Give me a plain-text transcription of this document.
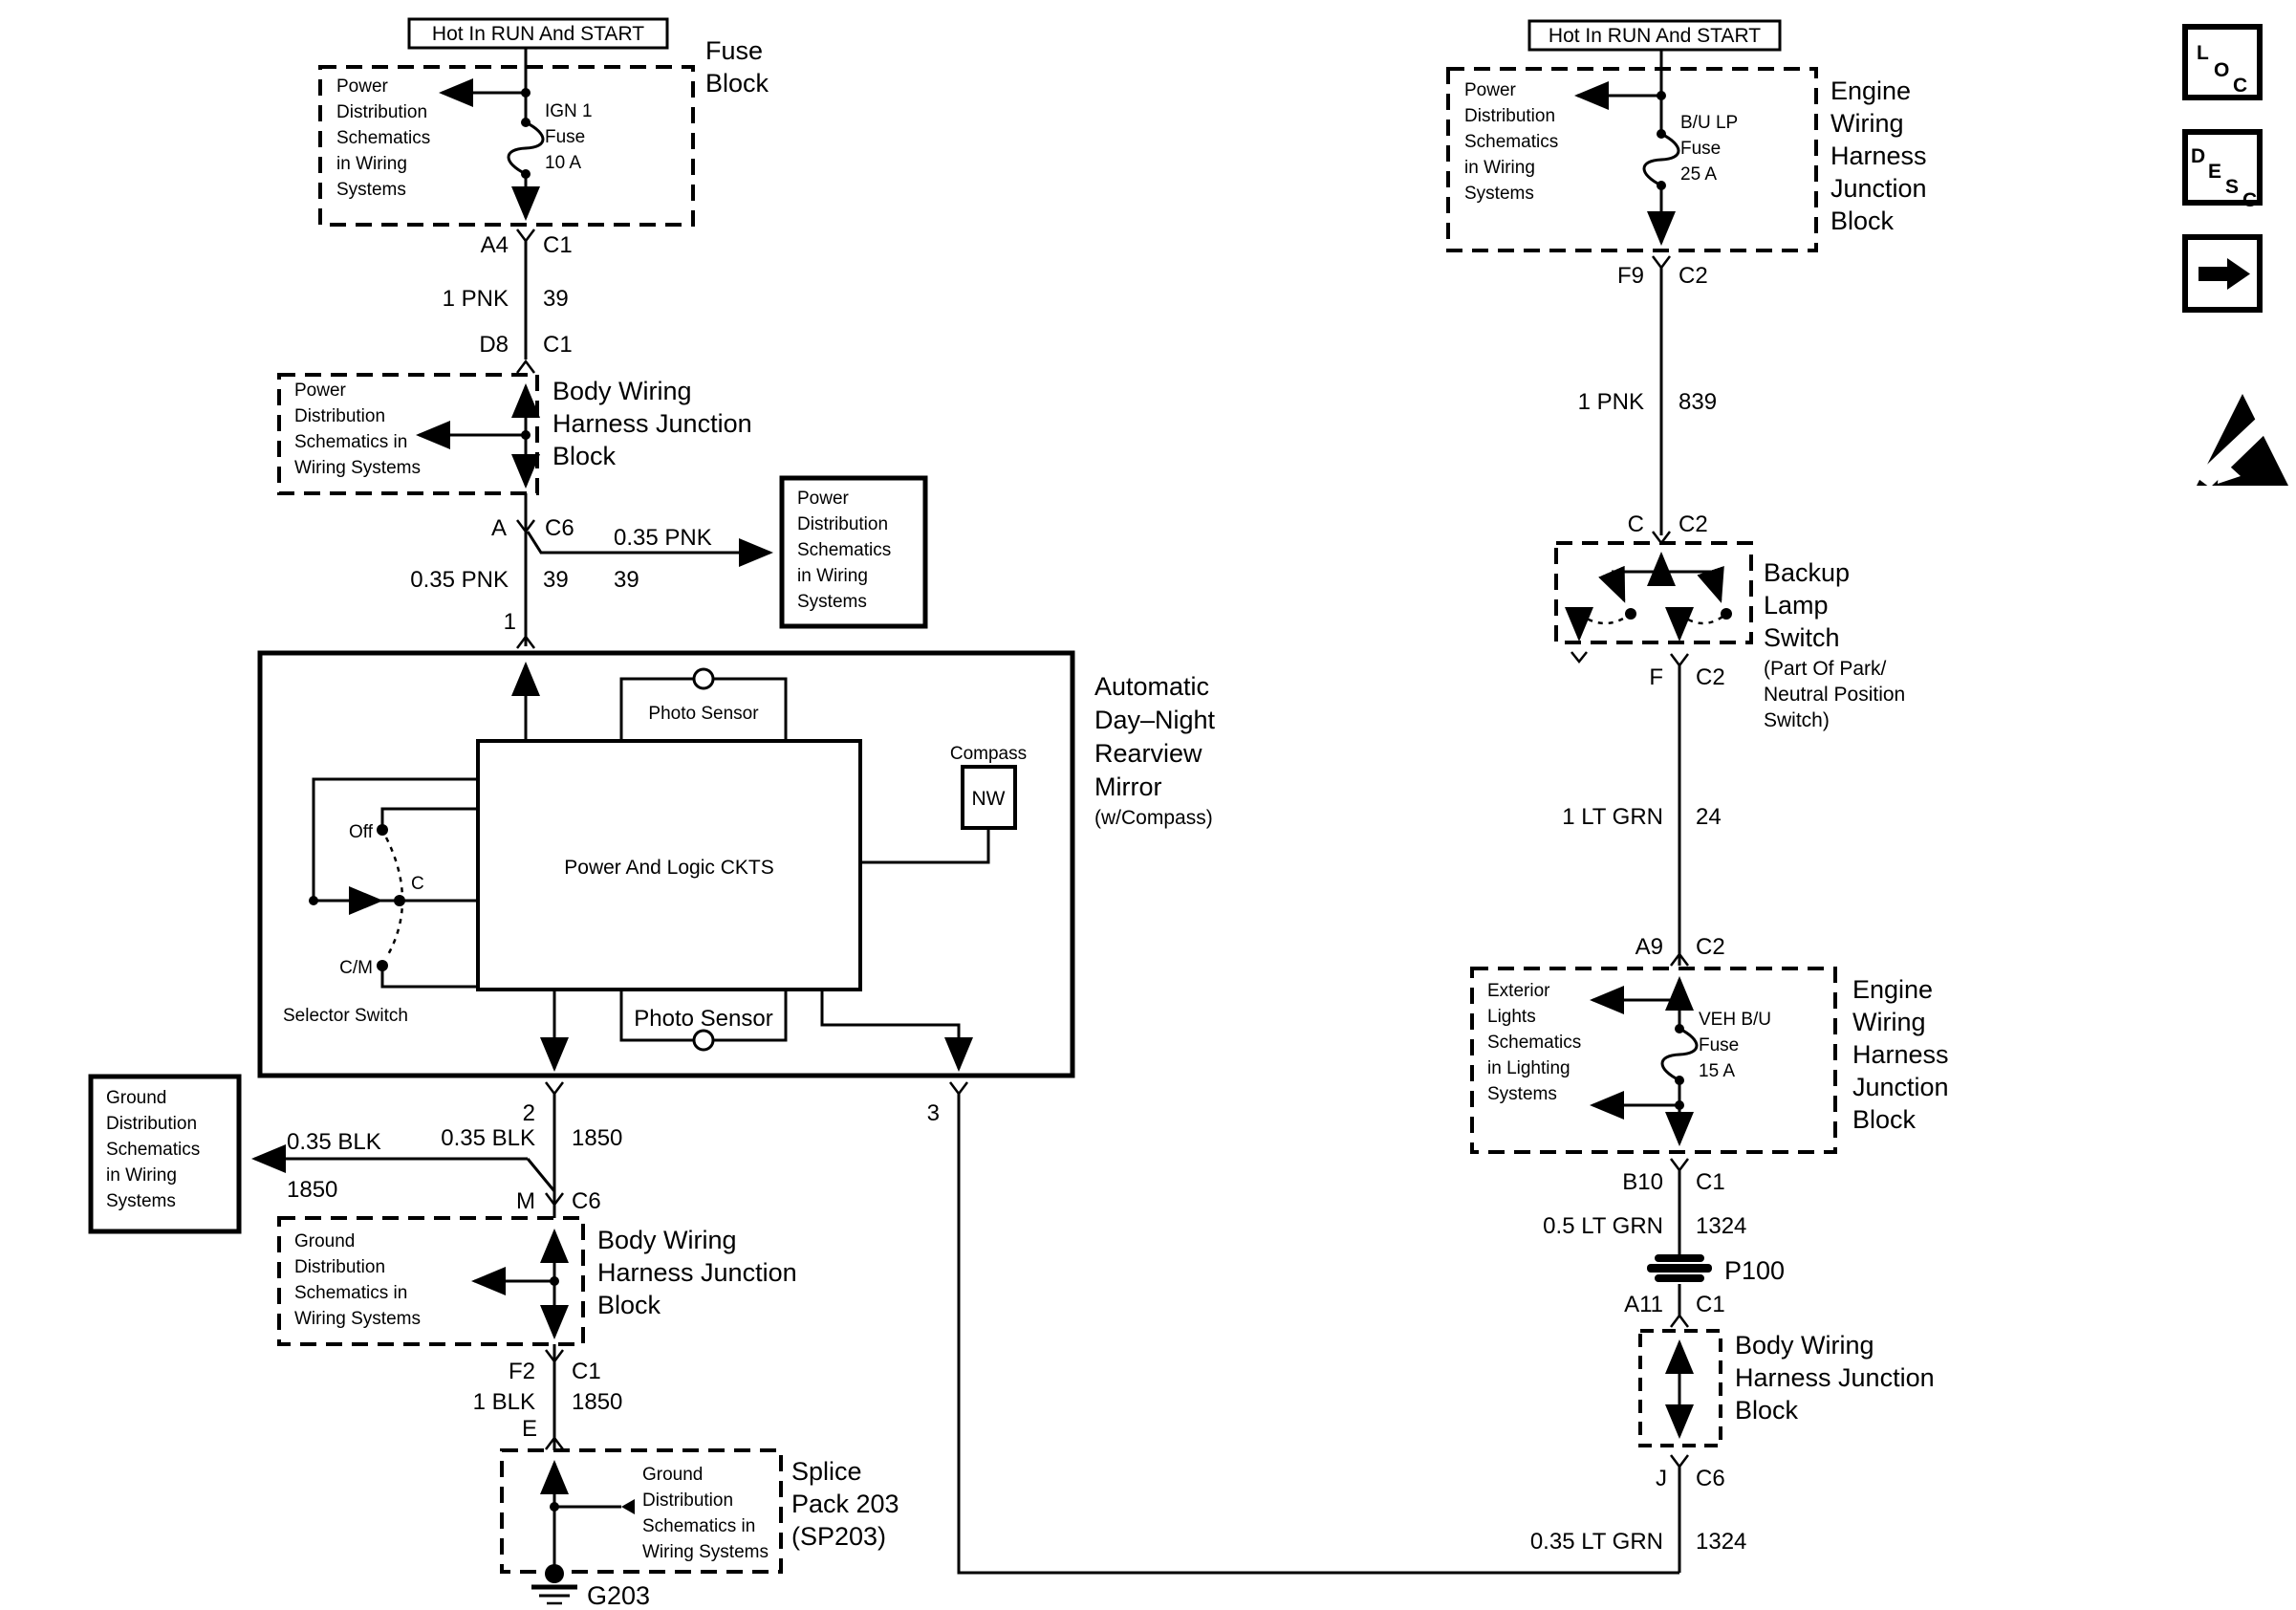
Hot In RUN And START
Power
Distribution
Schematics
in Wiring
Systems
IGN 1
Fuse
10 A
Fuse
Block
A4 C1
1 PNK 39
D8 C1
Power
Distribution
Schematics in
Wiring Systems
Body Wiring
Harness Junction
Block
A C6 0.35 PNK
39
0.35 PNK 39
1
Power
Distribution
Schematics
in Wiring
Systems
Automatic
Day–Night
Rearview
Mirror
(w/Compass)
Power And Logic CKTS
Photo Sensor
Photo Sensor
Compass
NW
Off
C
C/M
Selector Switch
2	3
0.35 BLK 1850
Ground
Distribution
Schematics
in Wiring
Systems
0.35 BLK
1850	M C6
Ground
Distribution
Schematics in
Wiring Systems
Body Wiring
Harness Junction
Block
F2 C1
1 BLK 1850
E
Ground
Distribution
Schematics in
Wiring Systems
Splice
Pack 203
(SP203)
G203
Hot In RUN And START
Power
Distribution
Schematics
in Wiring
Systems
B/U LP
Fuse
25 A
Engine
Wiring
Harness
Junction
Block
F9 C2
1 PNK 839
C C2
Backup
Lamp
Switch
(Part Of Park/
Neutral Position
Switch)
F C2
1 LT GRN 24
A9 C2
Exterior
Lights
Schematics
in Lighting
Systems
VEH B/U
Fuse
15 A
Engine
Wiring
Harness
Junction
Block
B10 C1
0.5 LT GRN 1324
P100
A11 C1
Body Wiring
Harness Junction
Block
J C6
0.35 LT GRN 1324
L
O
C
D
E
S
C
